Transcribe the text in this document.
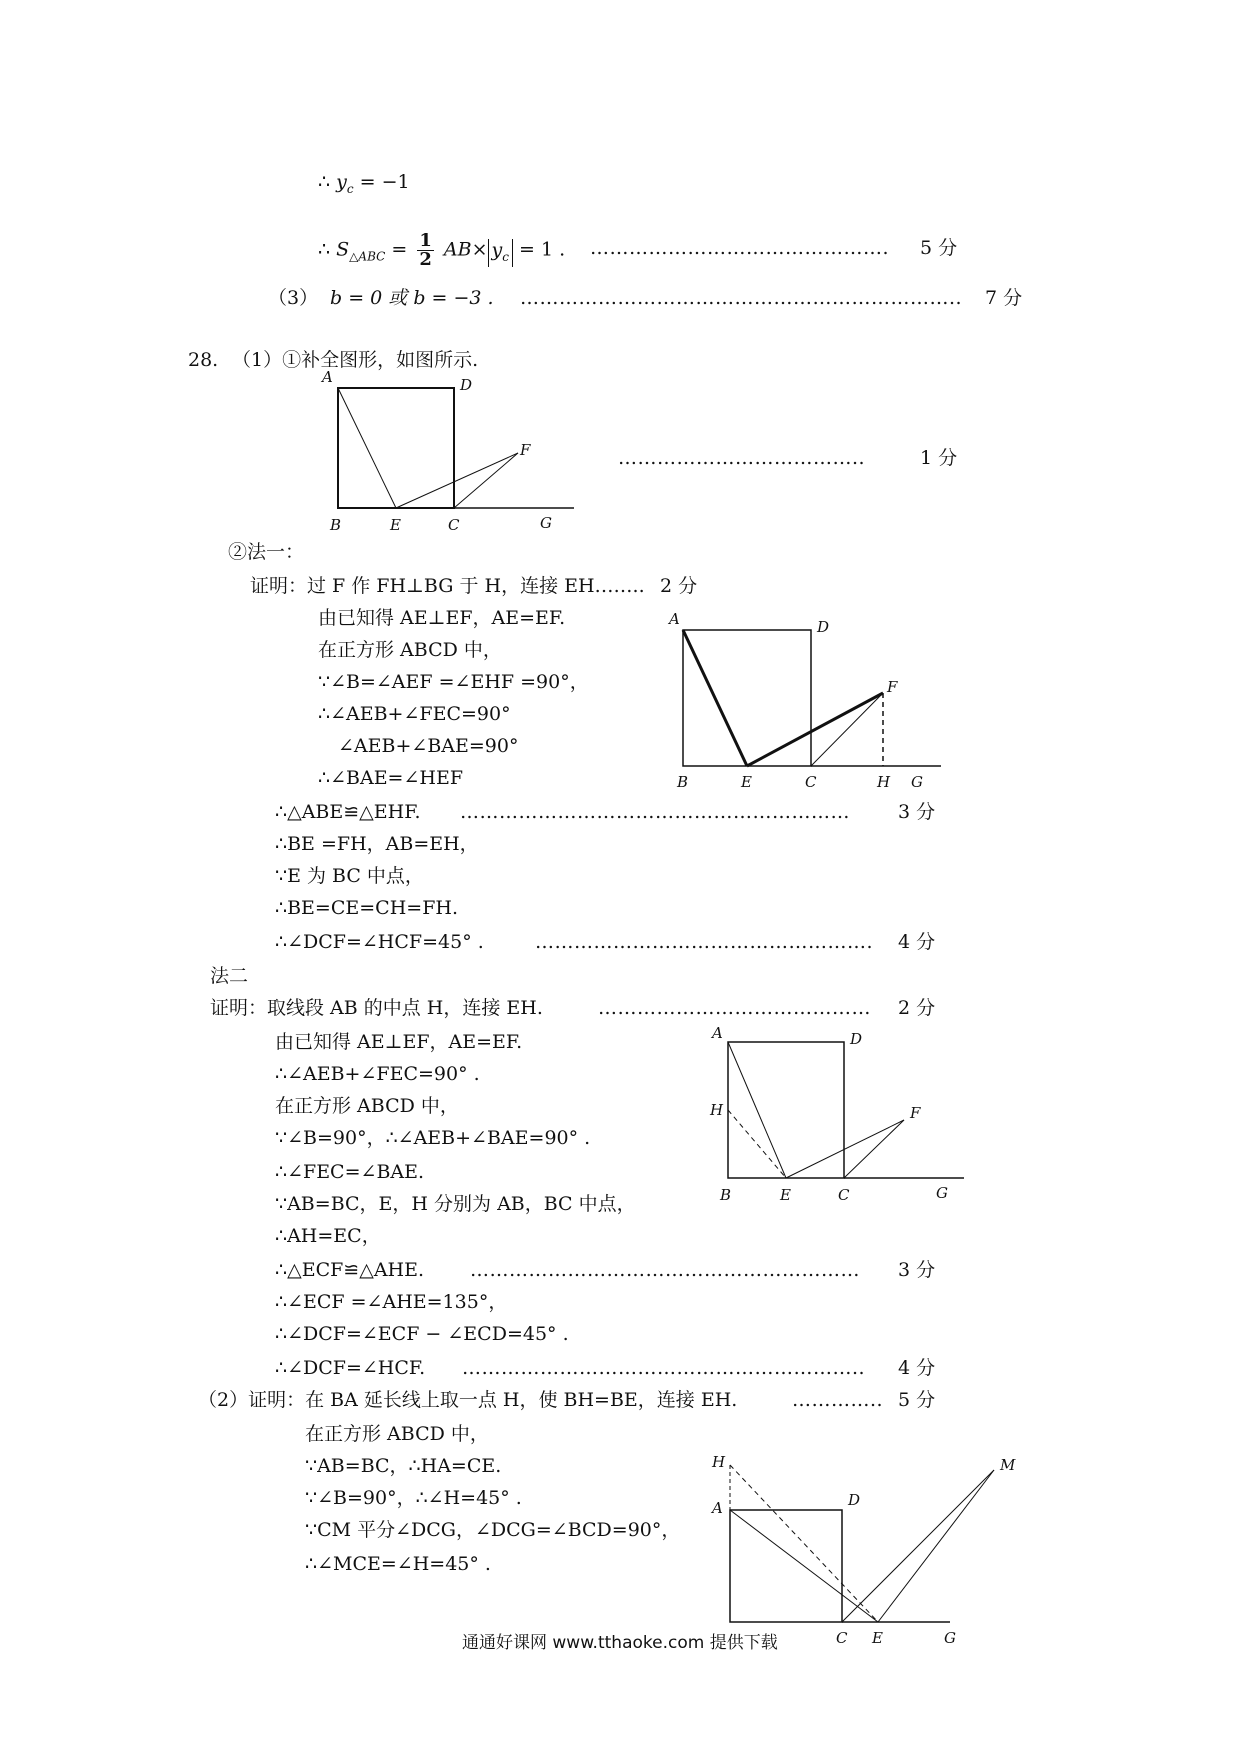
∴ $y_c = -1$
∴ $S_{\triangle ABC} = \frac{1}{2} AB\times y_c = 1$ . ………………………………………. 5 分
（3） b = 0 或 b = −3 . ………………………………………………………….. 7 分
28. （1）①补全图形，如图所示.
A	D
F
B	E	C	G
………………………………..	1 分
②法一：
证明：过 F 作 FH⊥BG 于 H，连接 EH…….. 2 分
由已知得 AE⊥EF，AE=EF.
在正方形 ABCD 中，
∵∠B=∠AEF =∠EHF =90°，
∴∠AEB+∠FEC=90°
∠AEB+∠BAE=90°
∴∠BAE=∠HEF
A	D
F
B	E	C	H G
∴△ABE≌△EHF. ……………………………………………………	3 分
∴BE =FH，AB=EH，
∵E 为 BC 中点，
∴BE=CE=CH=FH.
∴∠DCF=∠HCF=45° .	……………………………………………. 4 分
法二
证明：取线段 AB 的中点 H，连接 EH.	…………………………………… 2 分
由已知得 AE⊥EF，AE=EF.
∴∠AEB+∠FEC=90° .
在正方形 ABCD 中，
∵∠B=90°，∴∠AEB+∠BAE=90° .
∴∠FEC=∠BAE.
∵AB=BC，E，H 分别为 AB，BC 中点，
∴AH=EC，
A	D
H	F
B	E	C	G
∴△ECF≌△AHE. …………………………………………………… 3 分
∴∠ECF =∠AHE=135°，
∴∠DCF=∠ECF − ∠ECD=45° .
∴∠DCF=∠HCF. …………………………………………………….. 4 分
（2）证明：在 BA 延长线上取一点 H，使 BH=BE，连接 EH.	………….. 5 分
在正方形 ABCD 中，
∵AB=BC，∴HA=CE.
∵∠B=90°，∴∠H=45° .
∵CM 平分∠DCG，∠DCG=∠BCD=90°，
∴∠MCE=∠H=45° .
H
A	D
M
C E	G
通通好课网 www.tthaoke.com 提供下载
